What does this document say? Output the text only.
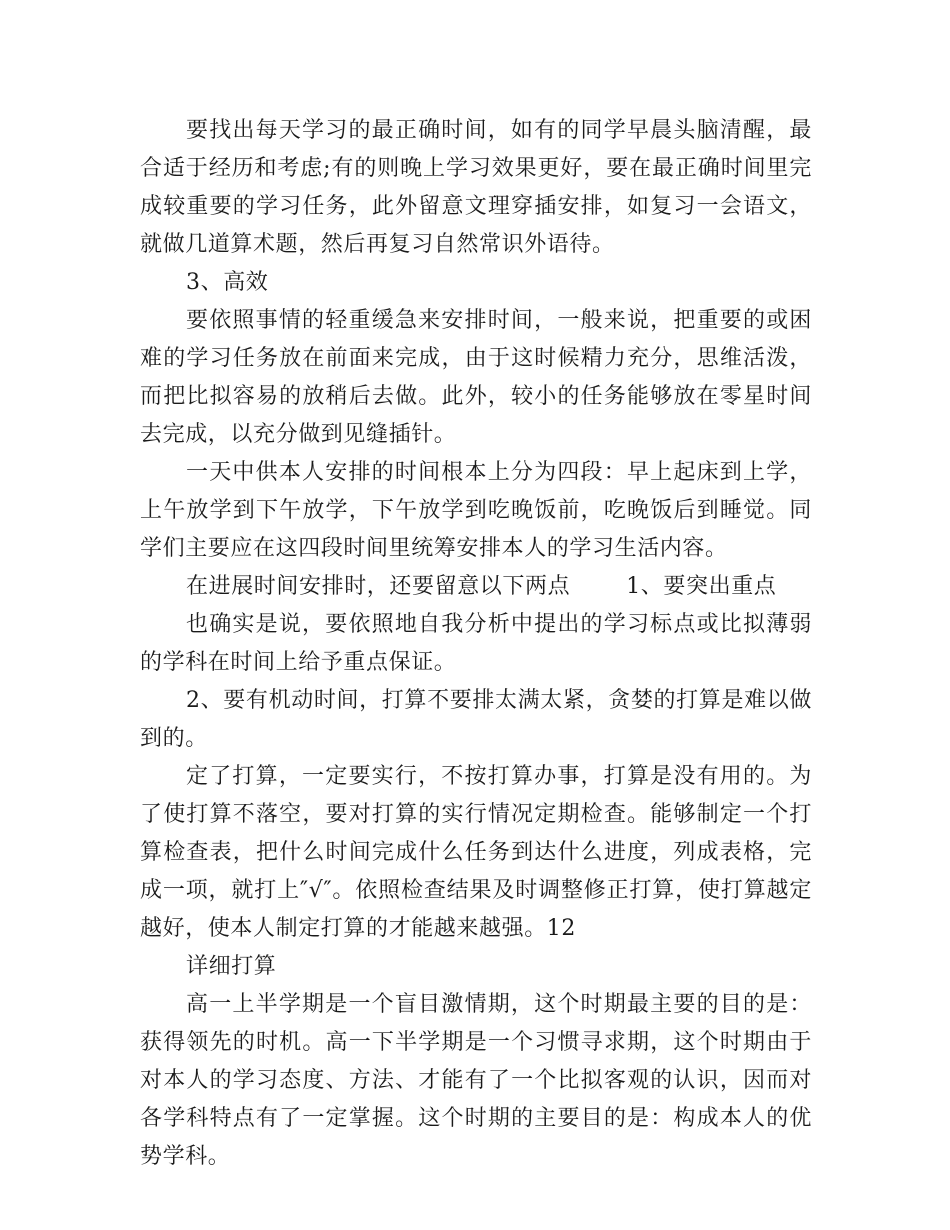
要找出每天学习的最正确时间，如有的同学早晨头脑清醒，最合适于经历和考虑;有的则晚上学习效果更好，要在最正确时间里完成较重要的学习任务，此外留意文理穿插安排，如复习一会语文，就做几道算术题，然后再复习自然常识外语待。

3、高效

要依照事情的轻重缓急来安排时间，一般来说，把重要的或困难的学习任务放在前面来完成，由于这时候精力充分，思维活泼，而把比拟容易的放稍后去做。此外，较小的任务能够放在零星时间去完成，以充分做到见缝插针。

一天中供本人安排的时间根本上分为四段：早上起床到上学，上午放学到下午放学，下午放学到吃晚饭前，吃晚饭后到睡觉。同学们主要应在这四段时间里统筹安排本人的学习生活内容。

在进展时间安排时，还要留意以下两点	1、要突出重点

也确实是说，要依照地自我分析中提出的学习标点或比拟薄弱的学科在时间上给予重点保证。

2、要有机动时间，打算不要排太满太紧，贪婪的打算是难以做到的。

定了打算，一定要实行，不按打算办事，打算是没有用的。为了使打算不落空，要对打算的实行情况定期检查。能够制定一个打算检查表，把什么时间完成什么任务到达什么进度，列成表格，完成一项，就打上″√″。依照检查结果及时调整修正打算，使打算越定越好，使本人制定打算的才能越来越强。12

详细打算

高一上半学期是一个盲目激情期，这个时期最主要的目的是：获得领先的时机。高一下半学期是一个习惯寻求期，这个时期由于对本人的学习态度、方法、才能有了一个比拟客观的认识，因而对各学科特点有了一定掌握。这个时期的主要目的是：构成本人的优势学科。
